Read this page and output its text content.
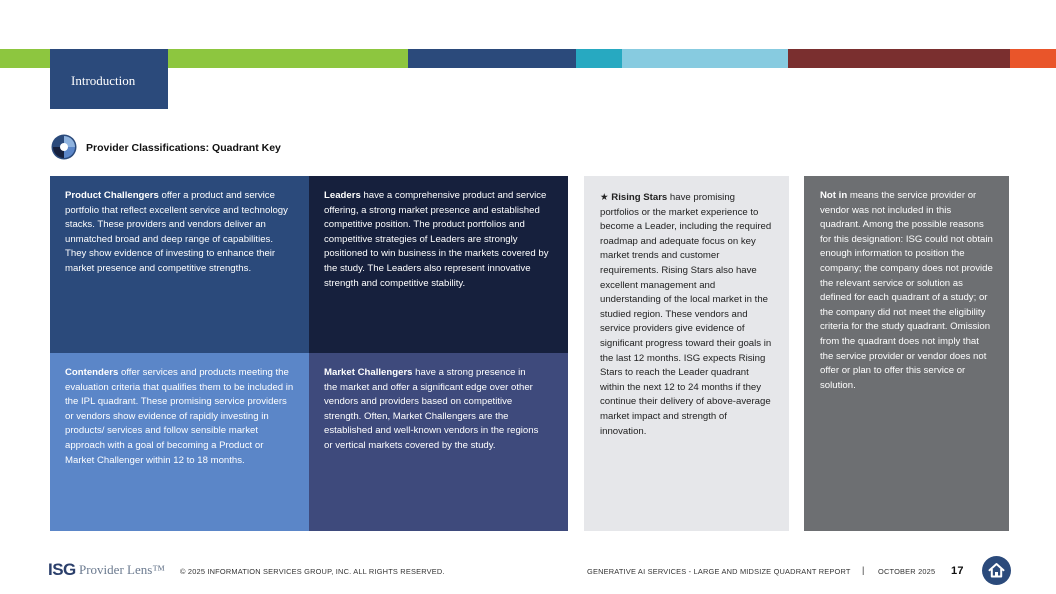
Introduction
Provider Classifications: Quadrant Key
Product Challengers offer a product and service portfolio that reflect excellent service and technology stacks. These providers and vendors deliver an unmatched broad and deep range of capabilities. They show evidence of investing to enhance their market presence and competitive strengths.
Leaders have a comprehensive product and service offering, a strong market presence and established competitive position. The product portfolios and competitive strategies of Leaders are strongly positioned to win business in the markets covered by the study. The Leaders also represent innovative strength and competitive stability.
Contenders offer services and products meeting the evaluation criteria that qualifies them to be included in the IPL quadrant. These promising service providers or vendors show evidence of rapidly investing in products/ services and follow sensible market approach with a goal of becoming a Product or Market Challenger within 12 to 18 months.
Market Challengers have a strong presence in the market and offer a significant edge over other vendors and providers based on competitive strength. Often, Market Challengers are the established and well-known vendors in the regions or vertical markets covered by the study.
★ Rising Stars have promising portfolios or the market experience to become a Leader, including the required roadmap and adequate focus on key market trends and customer requirements. Rising Stars also have excellent management and understanding of the local market in the studied region. These vendors and service providers give evidence of significant progress toward their goals in the last 12 months. ISG expects Rising Stars to reach the Leader quadrant within the next 12 to 24 months if they continue their delivery of above-average market impact and strength of innovation.
Not in means the service provider or vendor was not included in this quadrant. Among the possible reasons for this designation: ISG could not obtain enough information to position the company; the company does not provide the relevant service or solution as defined for each quadrant of a study; or the company did not meet the eligibility criteria for the study quadrant. Omission from the quadrant does not imply that the service provider or vendor does not offer or plan to offer this service or solution.
ISG Provider Lens™ © 2025 INFORMATION SERVICES GROUP, INC. ALL RIGHTS RESERVED.	GENERATIVE AI SERVICES - LARGE AND MIDSIZE QUADRANT REPORT | OCTOBER 2025 17
